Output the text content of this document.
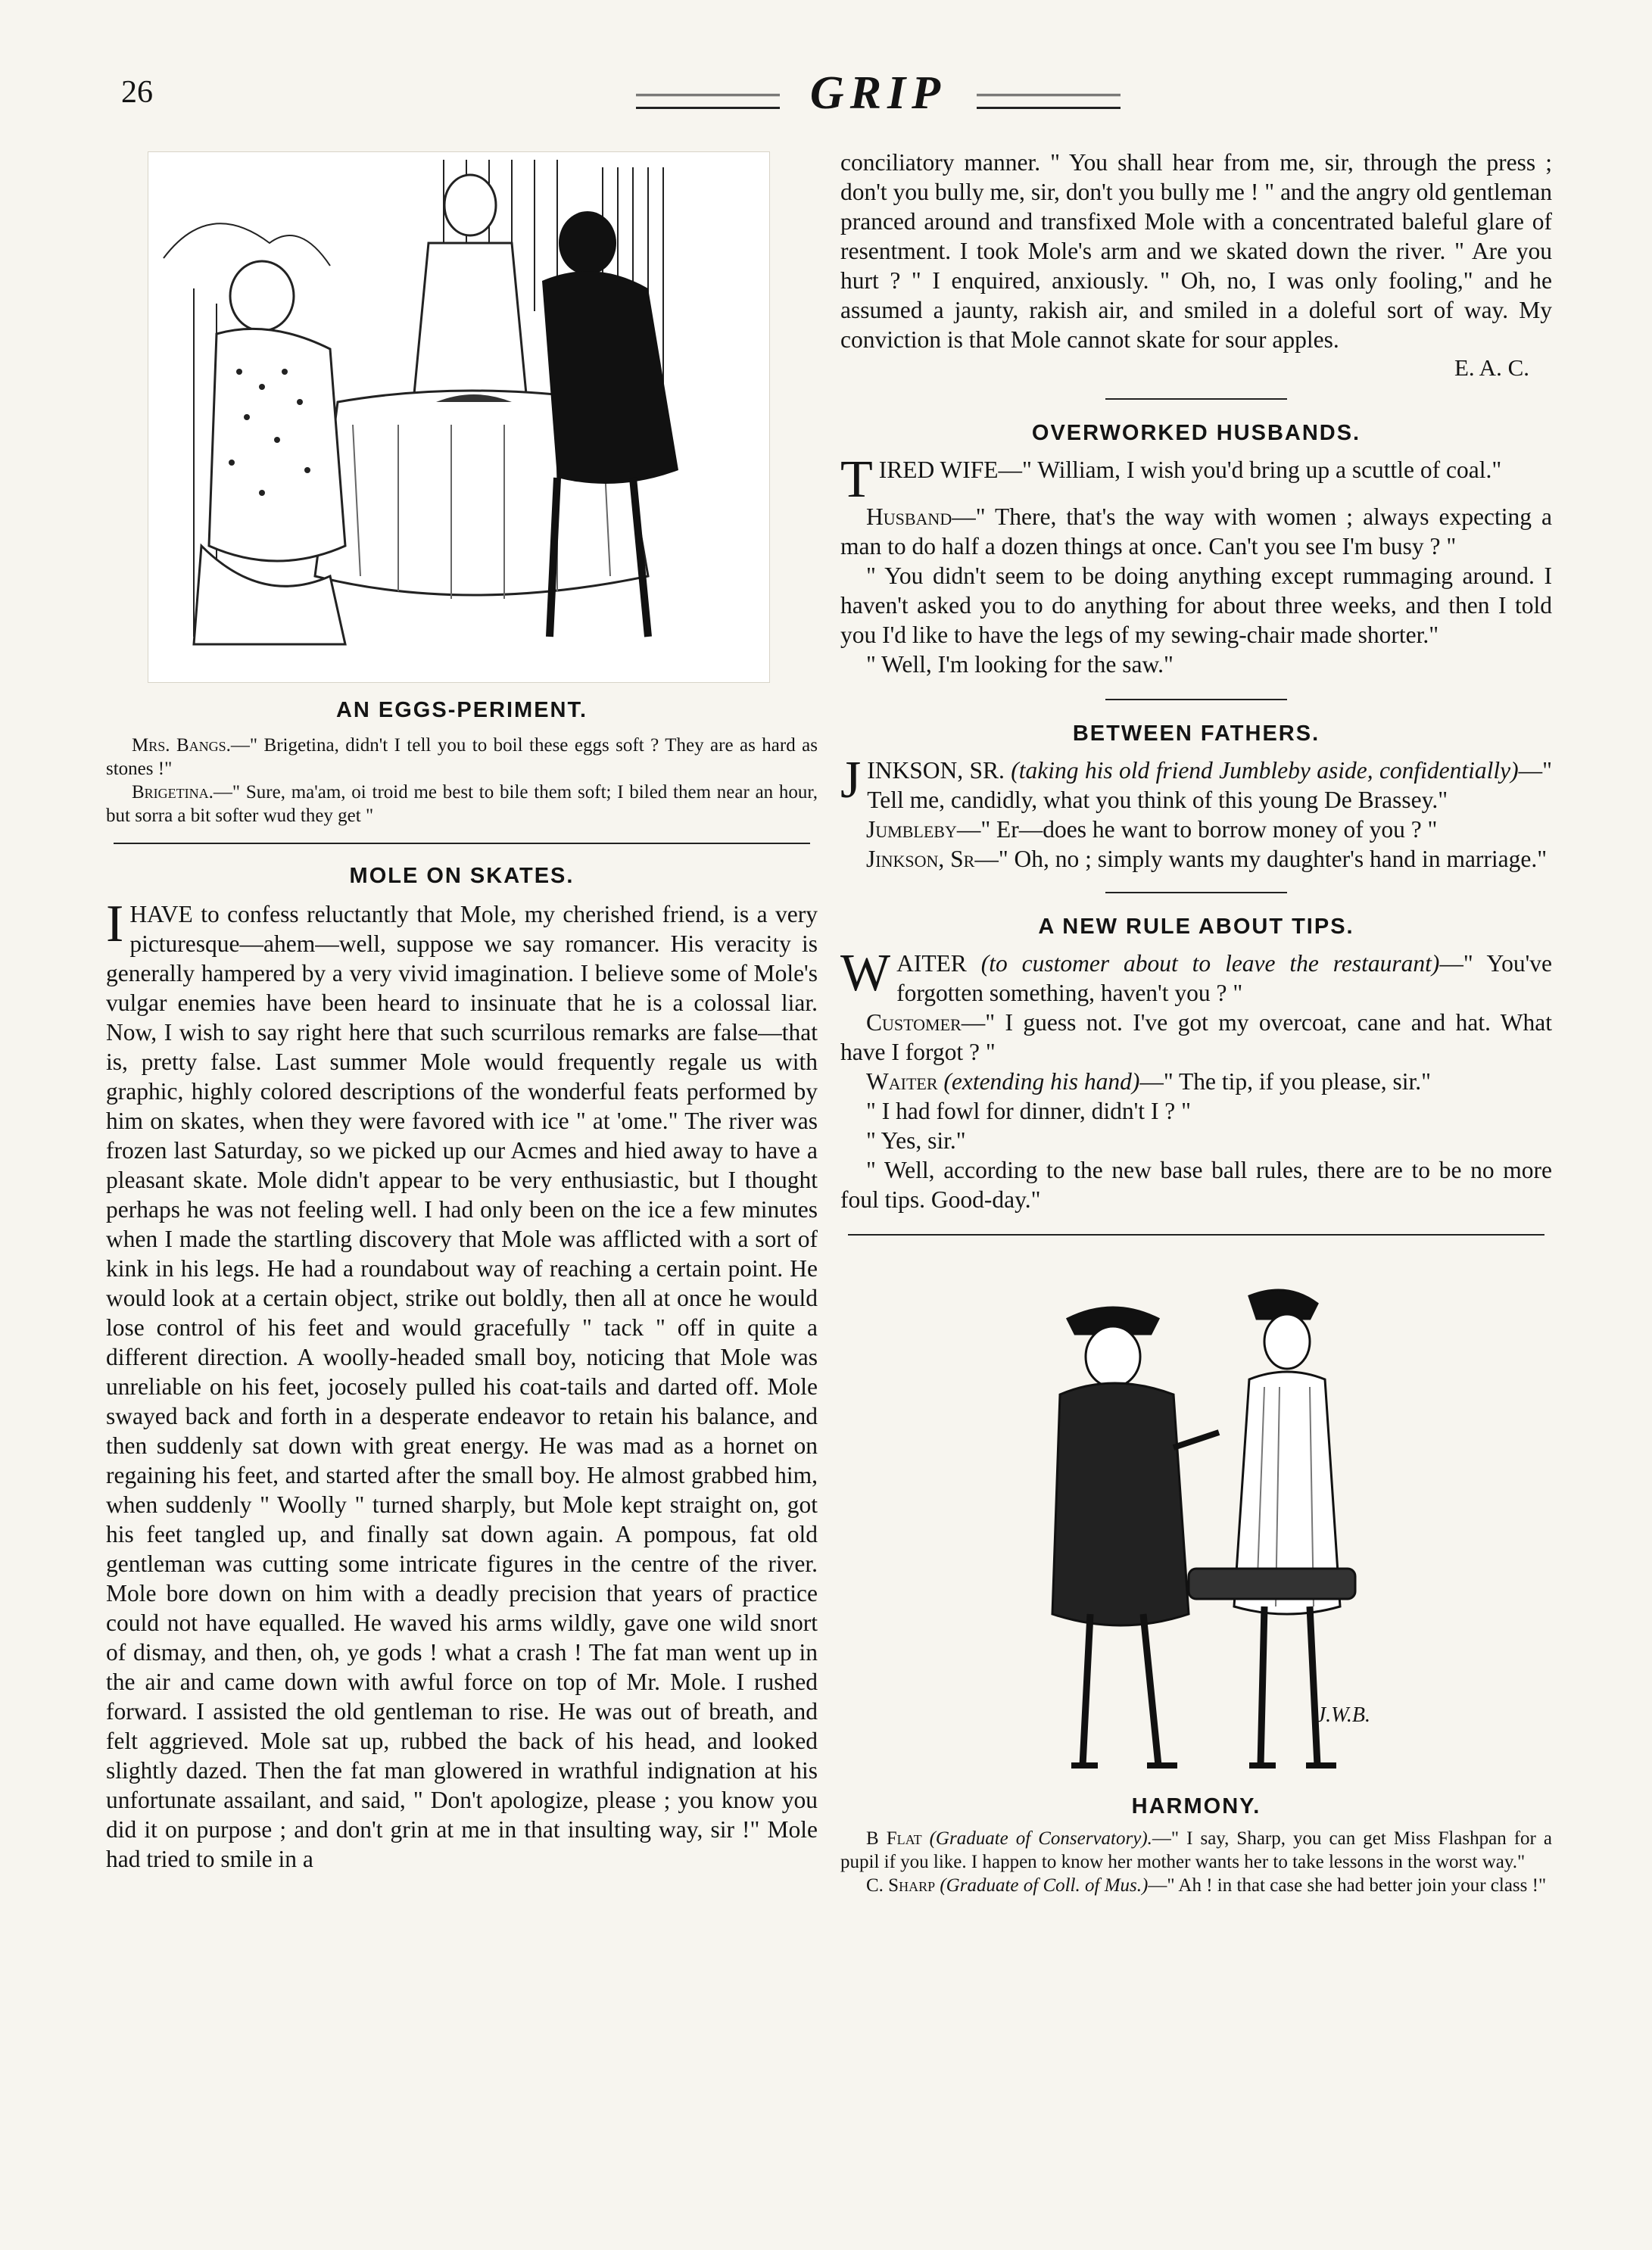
26	GRIP
AN EGGS-PERIMENT.

Mrs. Bangs.—" Brigetina, didn't I tell you to boil these eggs soft ? They are as hard as stones !"

Brigetina.—" Sure, ma'am, oi troid me best to bile them soft; I biled them near an hour, but sorra a bit softer wud they get "

MOLE ON SKATES.

IHAVE to confess reluctantly that Mole, my cherished friend, is a very picturesque—ahem—well, suppose we say romancer. His veracity is generally hampered by a very vivid imagination. I believe some of Mole's vulgar enemies have been heard to insinuate that he is a colossal liar. Now, I wish to say right here that such scurrilous remarks are false—that is, pretty false. Last summer Mole would frequently regale us with graphic, highly colored descriptions of the wonderful feats performed by him on skates, when they were favored with ice " at 'ome." The river was frozen last Saturday, so we picked up our Acmes and hied away to have a pleasant skate. Mole didn't appear to be very enthusiastic, but I thought perhaps he was not feeling well. I had only been on the ice a few minutes when I made the startling discovery that Mole was afflicted with a sort of kink in his legs. He had a roundabout way of reaching a certain point. He would look at a certain object, strike out boldly, then all at once he would lose control of his feet and would gracefully " tack " off in quite a different direction. A woolly-headed small boy, noticing that Mole was unreliable on his feet, jocosely pulled his coat-tails and darted off. Mole swayed back and forth in a desperate endeavor to retain his balance, and then suddenly sat down with great energy. He was mad as a hornet on regaining his feet, and started after the small boy. He almost grabbed him, when suddenly " Woolly " turned sharply, but Mole kept straight on, got his feet tangled up, and finally sat down again. A pompous, fat old gentleman was cutting some intricate figures in the centre of the river. Mole bore down on him with a deadly precision that years of practice could not have equalled. He waved his arms wildly, gave one wild snort of dismay, and then, oh, ye gods ! what a crash ! The fat man went up in the air and came down with awful force on top of Mr. Mole. I rushed forward. I assisted the old gentleman to rise. He was out of breath, and felt aggrieved. Mole sat up, rubbed the back of his head, and looked slightly dazed. Then the fat man glowered in wrathful indignation at his unfortunate assailant, and said, " Don't apologize, please ; you know you did it on purpose ; and don't grin at me in that insulting way, sir !" Mole had tried to smile in a

conciliatory manner. " You shall hear from me, sir, through the press ; don't you bully me, sir, don't you bully me ! " and the angry old gentleman pranced around and transfixed Mole with a concentrated baleful glare of resentment. I took Mole's arm and we skated down the river. " Are you hurt ? " I enquired, anxiously. " Oh, no, I was only fooling," and he assumed a jaunty, rakish air, and smiled in a doleful sort of way. My conviction is that Mole cannot skate for sour apples.

E. A. C.
OVERWORKED HUSBANDS.

TIRED WIFE—" William, I wish you'd bring up a scuttle of coal."

Husband—" There, that's the way with women ; always expecting a man to do half a dozen things at once. Can't you see I'm busy ? "

" You didn't seem to be doing anything except rummaging around. I haven't asked you to do anything for about three weeks, and then I told you I'd like to have the legs of my sewing-chair made shorter."

" Well, I'm looking for the saw."

BETWEEN FATHERS.

JINKSON, SR. (taking his old friend Jumbleby aside, confidentially)—" Tell me, candidly, what you think of this young De Brassey."

Jumbleby—" Er—does he want to borrow money of you ? "

Jinkson, Sr—" Oh, no ; simply wants my daughter's hand in marriage."

A NEW RULE ABOUT TIPS.

WAITER (to customer about to leave the restaurant)—" You've forgotten something, haven't you ? "

Customer—" I guess not. I've got my overcoat, cane and hat. What have I forgot ? "

Waiter (extending his hand)—" The tip, if you please, sir."

" I had fowl for dinner, didn't I ? "

" Yes, sir."

" Well, according to the new base ball rules, there are to be no more foul tips. Good-day."

J.W.B.
HARMONY.

B Flat (Graduate of Conservatory).—" I say, Sharp, you can get Miss Flashpan for a pupil if you like. I happen to know her mother wants her to take lessons in the worst way."

C. Sharp (Graduate of Coll. of Mus.)—" Ah ! in that case she had better join your class !"
